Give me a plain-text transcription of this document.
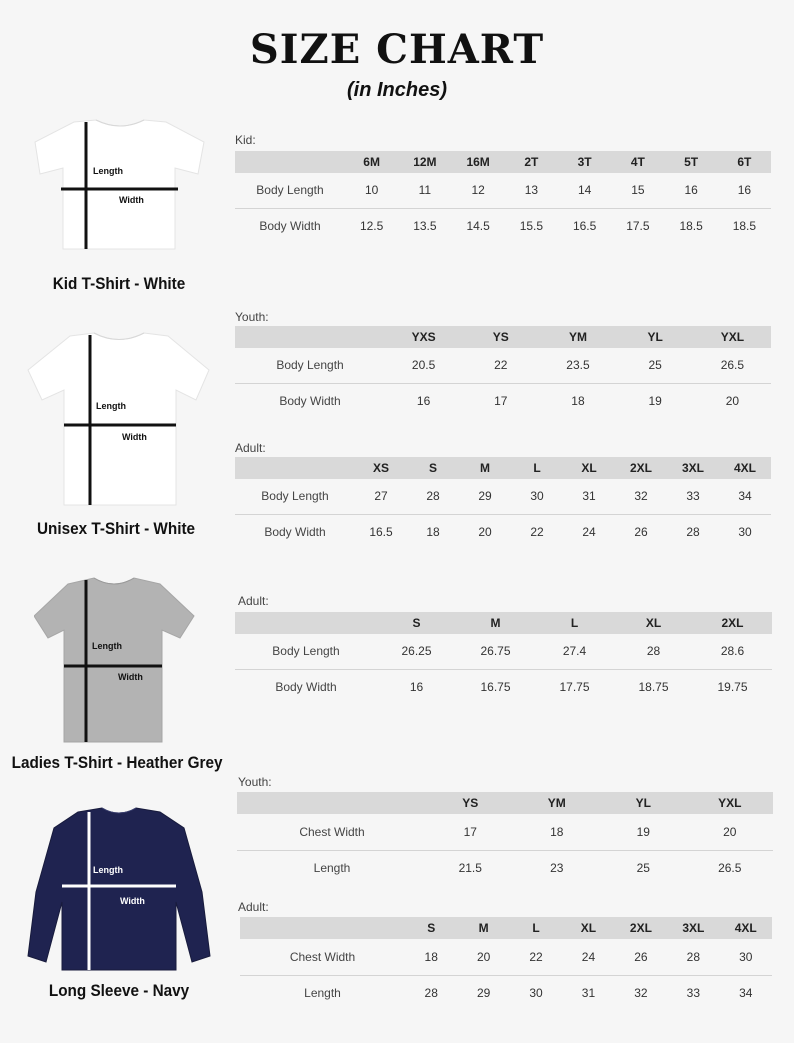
SIZE CHART
(in Inches)
Length
Width
Kid T-Shirt - White
Kid:
	6M	12M	16M	2T	3T	4T	5T	6T
Body Length	10	11	12	13	14	15	16	16
Body Width	12.5	13.5	14.5	15.5	16.5	17.5	18.5	18.5
Length
Width
Unisex T-Shirt - White
Youth:
	YXS	YS	YM	YL	YXL
Body Length	20.5	22	23.5	25	26.5
Body Width	16	17	18	19	20
Adult:
	XS	S	M	L	XL	2XL	3XL	4XL
Body Length	27	28	29	30	31	32	33	34
Body Width	16.5	18	20	22	24	26	28	30
Length
Width
Ladies T-Shirt - Heather Grey
Adult:
	S	M	L	XL	2XL
Body Length	26.25	26.75	27.4	28	28.6
Body Width	16	16.75	17.75	18.75	19.75
Length
Width
Long Sleeve - Navy
Youth:
	YS	YM	YL	YXL
Chest Width	17	18	19	20
Length	21.5	23	25	26.5
Adult:
	S	M	L	XL	2XL	3XL	4XL
Chest Width	18	20	22	24	26	28	30
Length	28	29	30	31	32	33	34
